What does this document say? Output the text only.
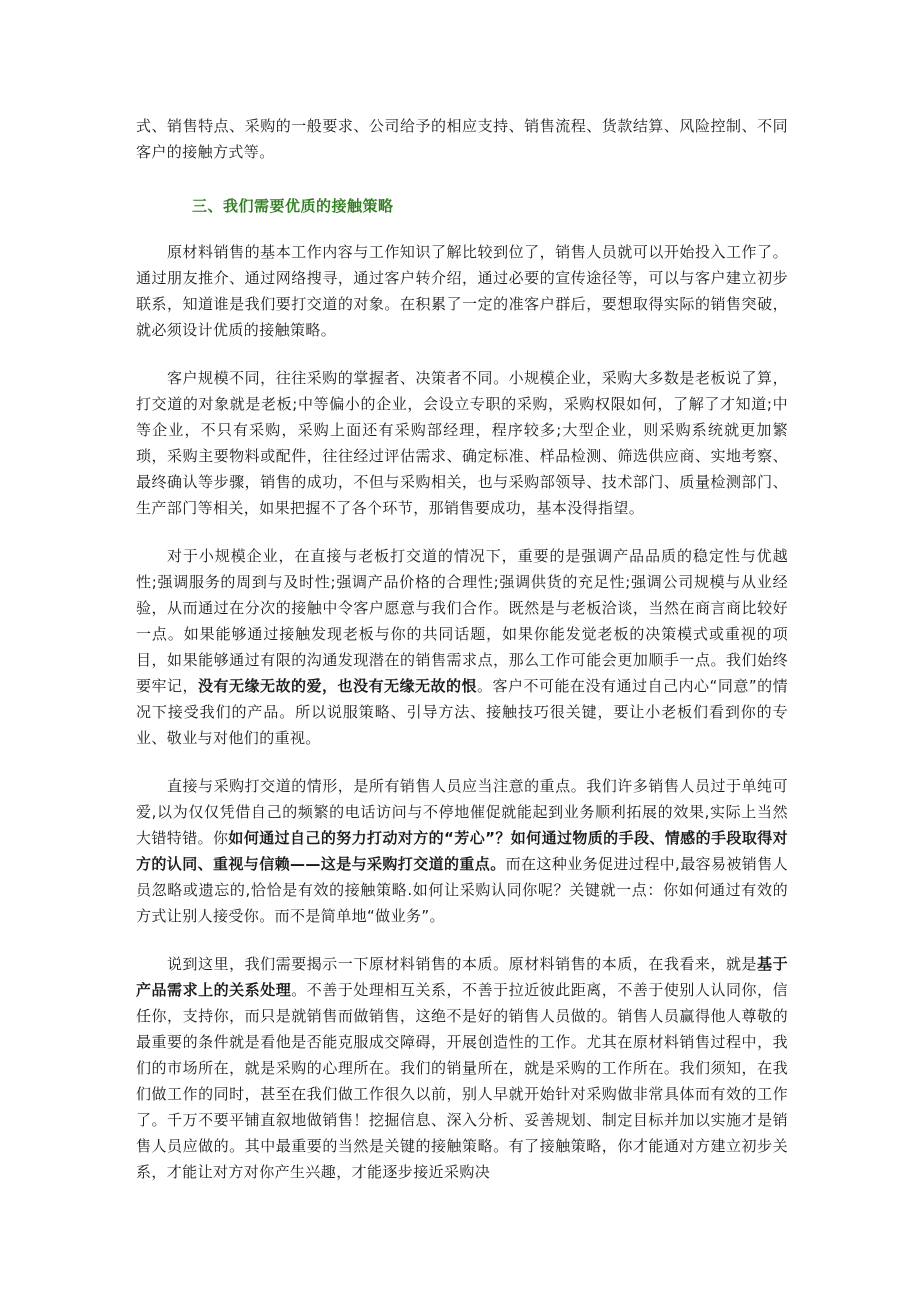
式、销售特点、采购的一般要求、公司给予的相应支持、销售流程、货款结算、风险控制、不同客户的接触方式等。

三、我们需要优质的接触策略

原材料销售的基本工作内容与工作知识了解比较到位了，销售人员就可以开始投入工作了。通过朋友推介、通过网络搜寻，通过客户转介绍，通过必要的宣传途径等，可以与客户建立初步联系，知道谁是我们要打交道的对象。在积累了一定的准客户群后，要想取得实际的销售突破，就必须设计优质的接触策略。

客户规模不同，往往采购的掌握者、决策者不同。小规模企业，采购大多数是老板说了算，打交道的对象就是老板;中等偏小的企业，会设立专职的采购，采购权限如何，了解了才知道;中等企业，不只有采购，采购上面还有采购部经理，程序较多;大型企业，则采购系统就更加繁琐，采购主要物料或配件，往往经过评估需求、确定标准、样品检测、筛选供应商、实地考察、最终确认等步骤，销售的成功，不但与采购相关，也与采购部领导、技术部门、质量检测部门、生产部门等相关，如果把握不了各个环节，那销售要成功，基本没得指望。

对于小规模企业，在直接与老板打交道的情况下，重要的是强调产品品质的稳定性与优越性;强调服务的周到与及时性;强调产品价格的合理性;强调供货的充足性;强调公司规模与从业经验，从而通过在分次的接触中令客户愿意与我们合作。既然是与老板洽谈，当然在商言商比较好一点。如果能够通过接触发现老板与你的共同话题，如果你能发觉老板的决策模式或重视的项目，如果能够通过有限的沟通发现潜在的销售需求点，那么工作可能会更加顺手一点。我们始终要牢记，没有无缘无故的爱，也没有无缘无故的恨。客户不可能在没有通过自己内心“同意”的情况下接受我们的产品。所以说服策略、引导方法、接触技巧很关键，要让小老板们看到你的专业、敬业与对他们的重视。

直接与采购打交道的情形，是所有销售人员应当注意的重点。我们许多销售人员过于单纯可爱,以为仅仅凭借自己的频繁的电话访问与不停地催促就能起到业务顺利拓展的效果,实际上当然大错特错。你如何通过自己的努力打动对方的“芳心”？如何通过物质的手段、情感的手段取得对方的认同、重视与信赖——这是与采购打交道的重点。而在这种业务促进过程中,最容易被销售人员忽略或遗忘的,恰恰是有效的接触策略.如何让采购认同你呢？关键就一点：你如何通过有效的方式让别人接受你。而不是简单地“做业务”。

说到这里，我们需要揭示一下原材料销售的本质。原材料销售的本质，在我看来，就是基于产品需求上的关系处理。不善于处理相互关系，不善于拉近彼此距离，不善于使别人认同你，信任你，支持你，而只是就销售而做销售，这绝不是好的销售人员做的。销售人员赢得他人尊敬的最重要的条件就是看他是否能克服成交障碍，开展创造性的工作。尤其在原材料销售过程中，我们的市场所在，就是采购的心理所在。我们的销量所在，就是采购的工作所在。我们须知，在我们做工作的同时，甚至在我们做工作很久以前，别人早就开始针对采购做非常具体而有效的工作了。千万不要平铺直叙地做销售！挖掘信息、深入分析、妥善规划、制定目标并加以实施才是销售人员应做的。其中最重要的当然是关键的接触策略。有了接触策略，你才能通对方建立初步关系，才能让对方对你产生兴趣，才能逐步接近采购决
